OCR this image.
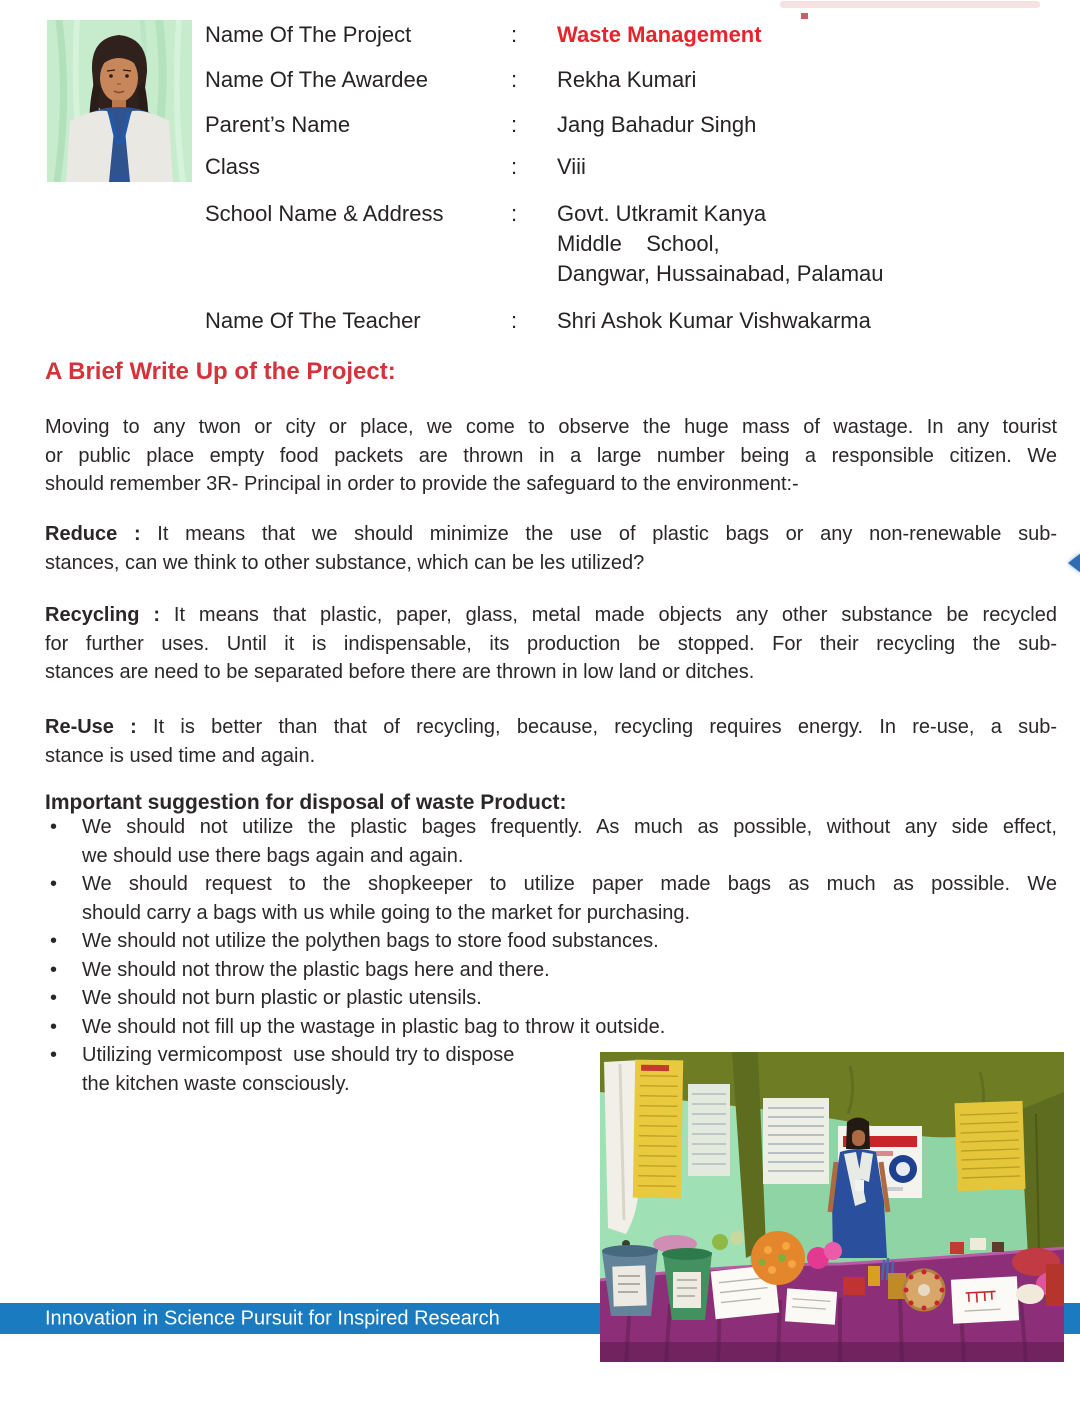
Name Of The Project	:	Waste Management
Name Of The Awardee	:	Rekha Kumari
Parent’s Name	:	Jang Bahadur Singh
Class	:	Viii
School Name & Address	:	Govt. Utkramit Kanya
Middle    School,
Dangwar, Hussainabad, Palamau
Name Of The Teacher	:	Shri Ashok Kumar Vishwakarma
A Brief Write Up of the Project:
Moving to any twon or city or place, we come to observe the huge mass of wastage. In any tourist
or public place empty food packets are thrown in a large number being a responsible citizen. We
should remember 3R- Principal in order to provide the safeguard to the environment:-
Reduce : It means that we should minimize the use of plastic bags or any non-renewable sub-
stances, can we think to other substance, which can be les utilized?
Recycling : It means that plastic, paper, glass, metal made objects any other substance be recycled
for further uses. Until it is indispensable, its production be stopped. For their recycling the sub-
stances are need to be separated before there are thrown in low land or ditches.
Re-Use : It is better than that of recycling, because, recycling requires energy. In re-use, a sub-
stance is used time and again.
Important suggestion for disposal of waste Product:
• We should not utilize the plastic bages frequently. As much as possible, without any side effect,
we should use there bags again and again.
• We should request to the shopkeeper to utilize paper made bags as much as possible. We
should carry a bags with us while going to the market for purchasing.
• We should not utilize the polythen bags to store food substances.
• We should not throw the plastic bags here and there.
• We should not burn plastic or plastic utensils.
• We should not fill up the wastage in plastic bag to throw it outside.
• Utilizing vermicompost  use should try to dispose
the kitchen waste consciously.
Innovation in Science Pursuit for Inspired Research
